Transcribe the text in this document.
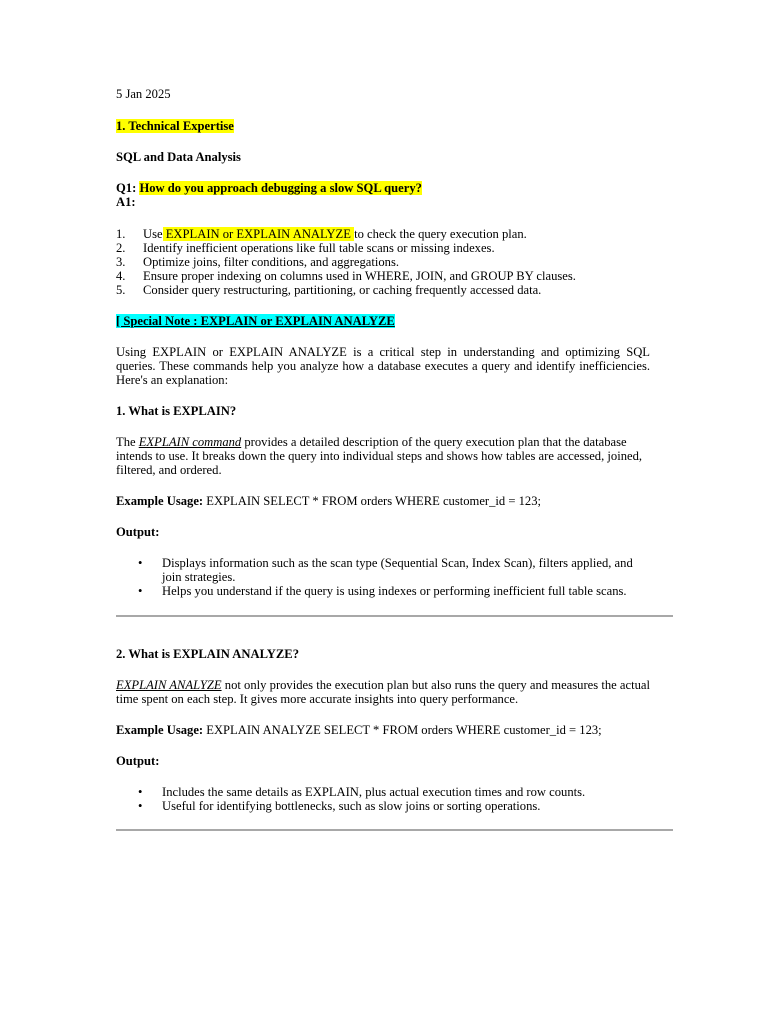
5 Jan 2025
1. Technical Expertise
SQL and Data Analysis
Q1: How do you approach debugging a slow SQL query?
A1:
1. Use EXPLAIN or EXPLAIN ANALYZE to check the query execution plan.
2. Identify inefficient operations like full table scans or missing indexes.
3. Optimize joins, filter conditions, and aggregations.
4. Ensure proper indexing on columns used in WHERE, JOIN, and GROUP BY clauses.
5. Consider query restructuring, partitioning, or caching frequently accessed data.
[ Special Note : EXPLAIN or EXPLAIN ANALYZE
Using EXPLAIN or EXPLAIN ANALYZE is a critical step in understanding and optimizing SQL queries. These commands help you analyze how a database executes a query and identify inefficiencies. Here's an explanation:
1. What is EXPLAIN?
The EXPLAIN command provides a detailed description of the query execution plan that the database intends to use. It breaks down the query into individual steps and shows how tables are accessed, joined, filtered, and ordered.
Example Usage: EXPLAIN SELECT * FROM orders WHERE customer_id = 123;
Output:
• Displays information such as the scan type (Sequential Scan, Index Scan), filters applied, and join strategies.
• Helps you understand if the query is using indexes or performing inefficient full table scans.
2. What is EXPLAIN ANALYZE?
EXPLAIN ANALYZE not only provides the execution plan but also runs the query and measures the actual time spent on each step. It gives more accurate insights into query performance.
Example Usage: EXPLAIN ANALYZE SELECT * FROM orders WHERE customer_id = 123;
Output:
• Includes the same details as EXPLAIN, plus actual execution times and row counts.
• Useful for identifying bottlenecks, such as slow joins or sorting operations.
